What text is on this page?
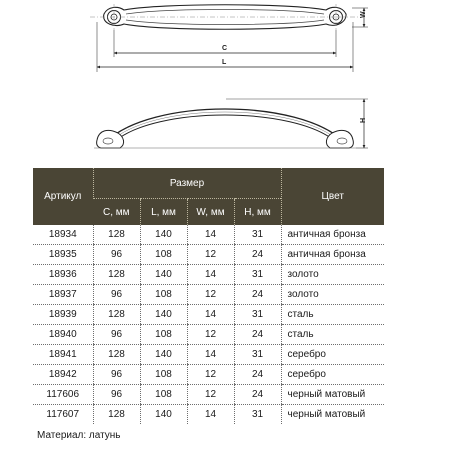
W
C
L
H
Артикул	Размер				Цвет
	С, мм	L, мм	W, мм	H, мм	
18934	128	140	14	31	античная бронза
18935	96	108	12	24	античная бронза
18936	128	140	14	31	золото
18937	96	108	12	24	золото
18939	128	140	14	31	сталь
18940	96	108	12	24	сталь
18941	128	140	14	31	серебро
18942	96	108	12	24	серебро
117606	96	108	12	24	черный матовый
117607	128	140	14	31	черный матовый
Материал: латунь
